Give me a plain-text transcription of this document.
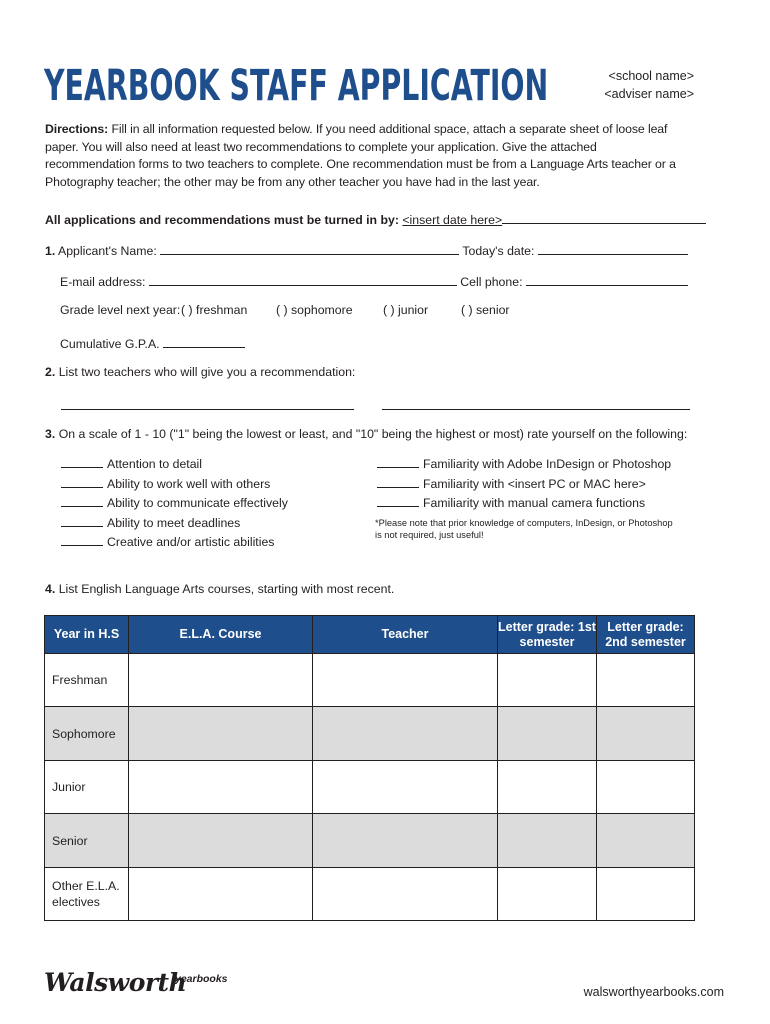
YEARBOOK STAFF APPLICATION	<school name>
<adviser name>
Directions: Fill in all information requested below. If you need additional space, attach a separate sheet of loose leaf paper. You will also need at least two recommendations to complete your application. Give the attached recommendation forms to two teachers to complete. One recommendation must be from a Language Arts teacher or a Photography teacher; the other may be from any other teacher you have had in the last year.
All applications and recommendations must be turned in by: <insert date here>
1. Applicant's Name:	Today's date:
E-mail address:	Cell phone:
Grade level next year: ( ) freshman ( ) sophomore ( ) junior	( ) senior
Cumulative G.P.A.
2. List two teachers who will give you a recommendation:
3. On a scale of 1 - 10 ("1" being the lowest or least, and "10" being the highest or most) rate yourself on the following:
Attention to detail
Ability to work well with others
Ability to communicate effectively
Ability to meet deadlines
Creative and/or artistic abilities
Familiarity with Adobe InDesign or Photoshop
Familiarity with <insert PC or MAC here>
Familiarity with manual camera functions
*Please note that prior knowledge of computers, InDesign, or Photoshop is not required, just useful!
4. List English Language Arts courses, starting with most recent.
Year in H.S	E.L.A. Course	Teacher	Letter grade: 1st semester	Letter grade: 2nd semester
Freshman				
Sophomore				
Junior				
Senior				
Other E.L.A. electives				
Walsworth
yearbooks
walsworthyearbooks.com
